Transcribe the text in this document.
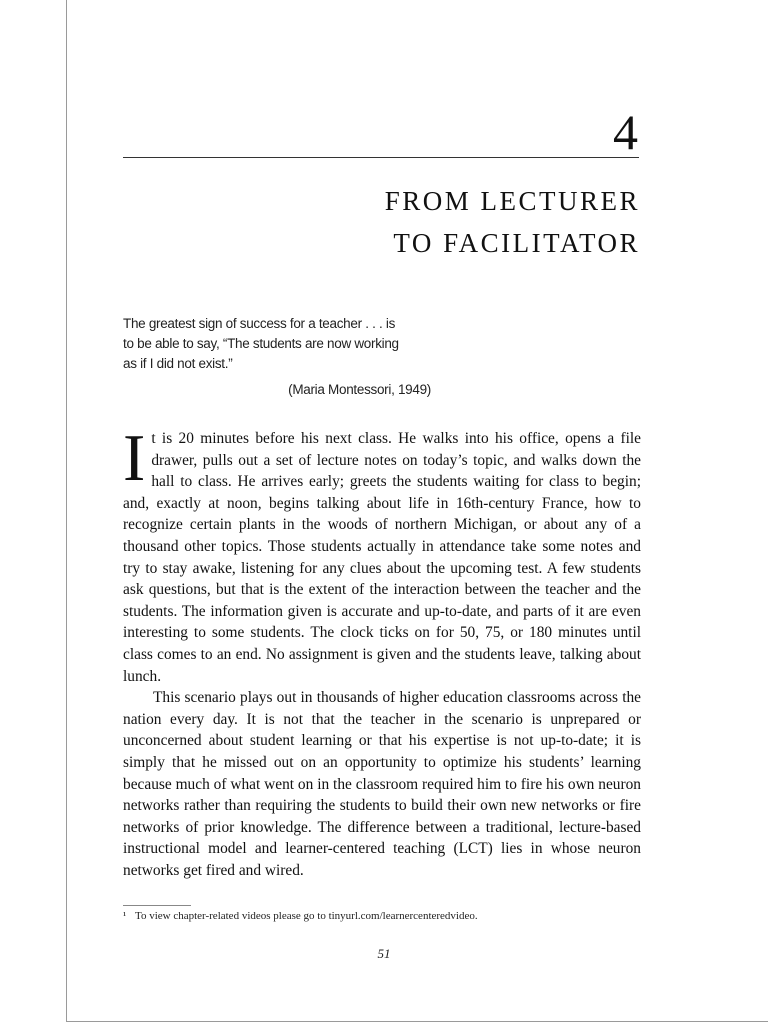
4
FROM LECTURER
TO FACILITATOR
The greatest sign of success for a teacher . . . is
to be able to say, “The students are now working
as if I did not exist.”
(Maria Montessori, 1949)

I t is 20 minutes before his next class. He walks into his office, opens a file drawer, pulls out a set of lecture notes on today’s topic, and walks down the hall to class. He arrives early; greets the students waiting for class to begin; and, exactly at noon, begins talking about life in 16th-century France, how to recognize certain plants in the woods of northern Michigan, or about any of a thousand other topics. Those students actually in attendance take some notes and try to stay awake, listening for any clues about the upcoming test. A few students ask questions, but that is the extent of the interaction between the teacher and the students. The information given is accurate and up-to-date, and parts of it are even interesting to some students. The clock ticks on for 50, 75, or 180 minutes until class comes to an end. No assignment is given and the students leave, talking about lunch.

This scenario plays out in thousands of higher education classrooms across the nation every day. It is not that the teacher in the scenario is unprepared or unconcerned about student learning or that his expertise is not up-to-date; it is simply that he missed out on an opportunity to optimize his students’ learning because much of what went on in the classroom required him to fire his own neuron networks rather than requiring the students to build their own new networks or fire networks of prior knowledge. The difference between a traditional, lecture-based instructional model and learner-centered teaching (LCT) lies in whose neuron networks get fired and wired.

¹ To view chapter-related videos please go to tinyurl.com/learnercenteredvideo.
51
